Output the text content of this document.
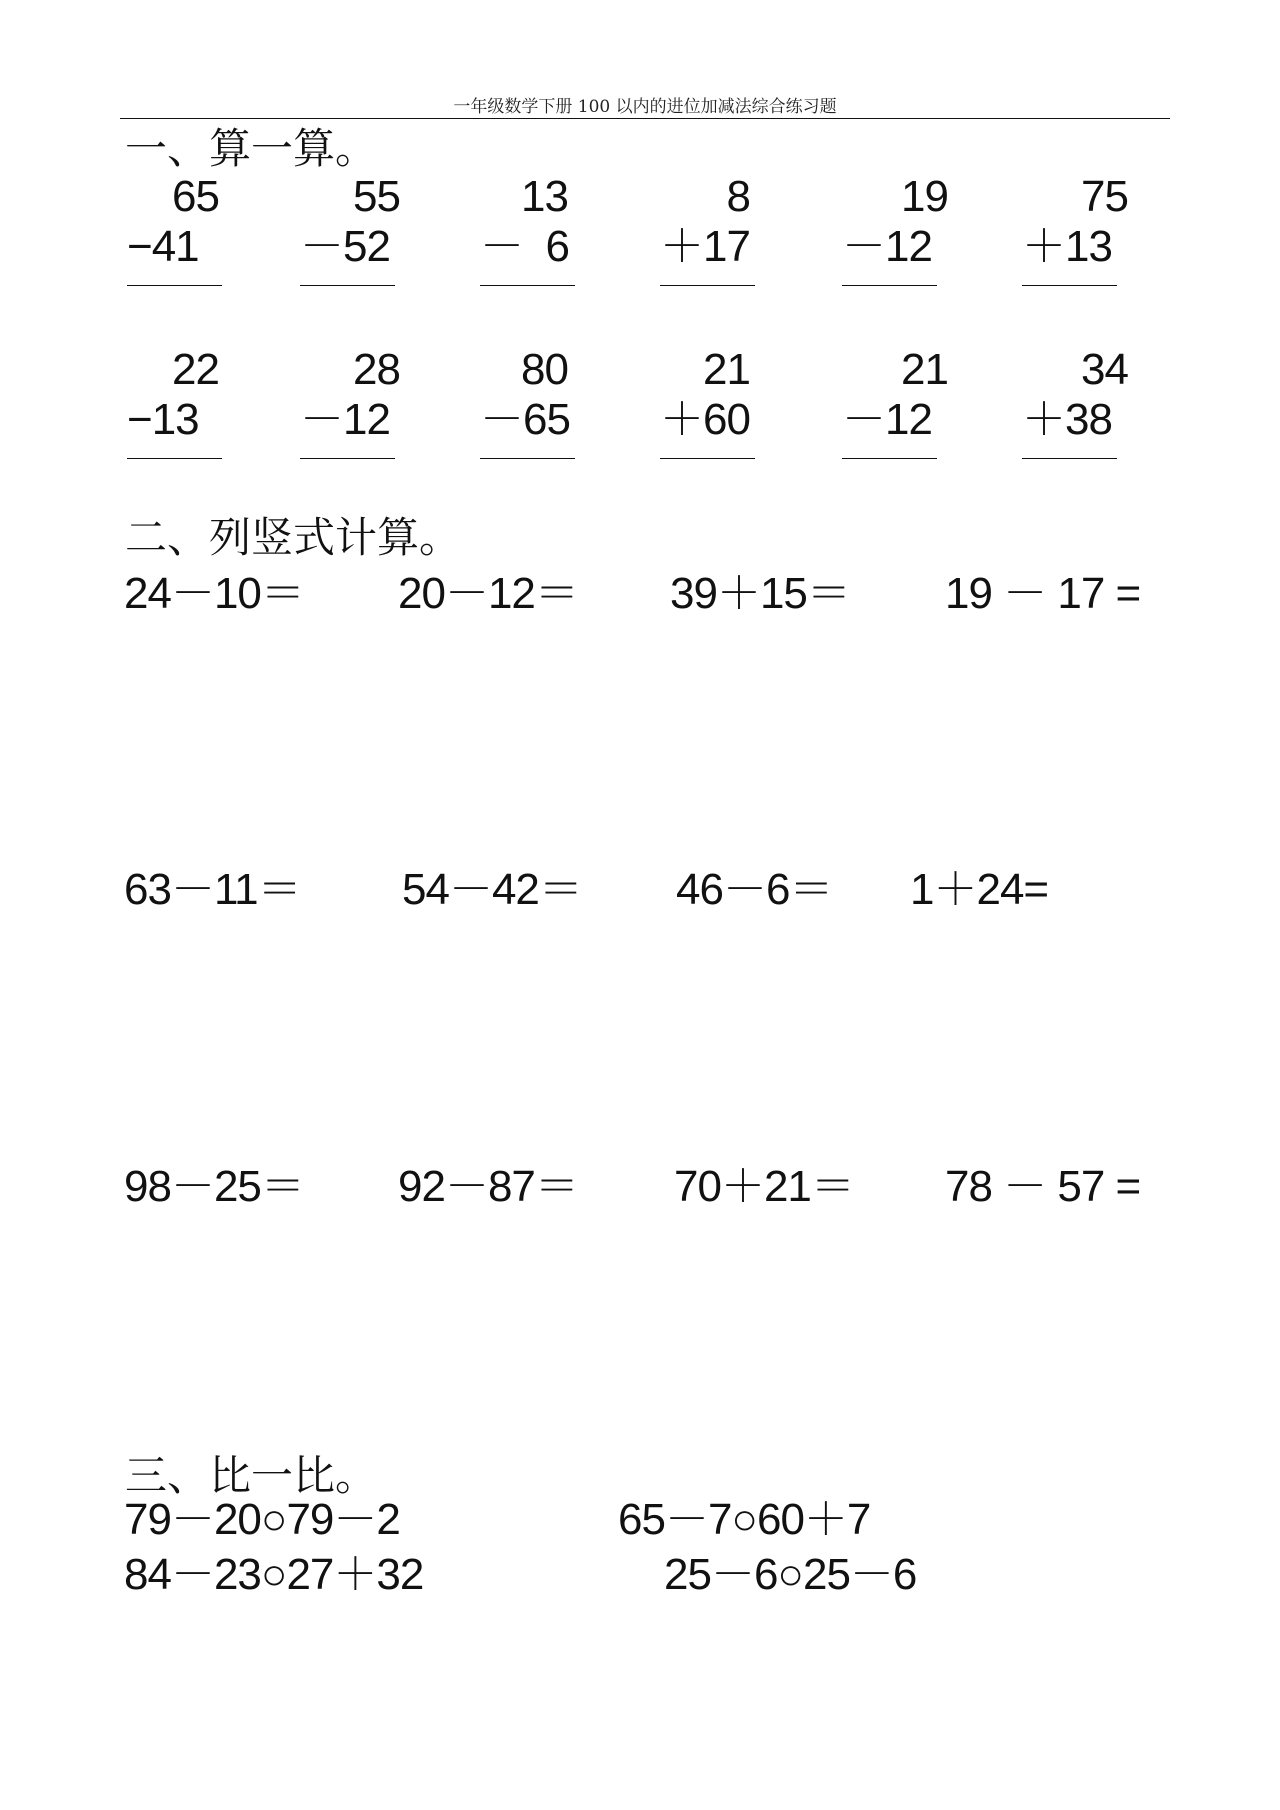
一年级数学下册 100 以内的进位加减法综合练习题
一、算一算。
65
−41
55
－52
13
－  6
8
＋17
19
－12
75
＋13
22
−13
28
－12
80
－65
21
＋60
21
－12
34
＋38
二、列竖式计算。
24－10＝ 20－12＝ 39＋15＝ 19 － 17 =
63－11＝ 54－42＝ 46－6＝ 1＋24=
98－25＝ 92－87＝ 70＋21＝ 78 － 57 =
三、比一比。
79－20○79－2	65－7○60＋7
84－23○27＋32	25－6○25－6
